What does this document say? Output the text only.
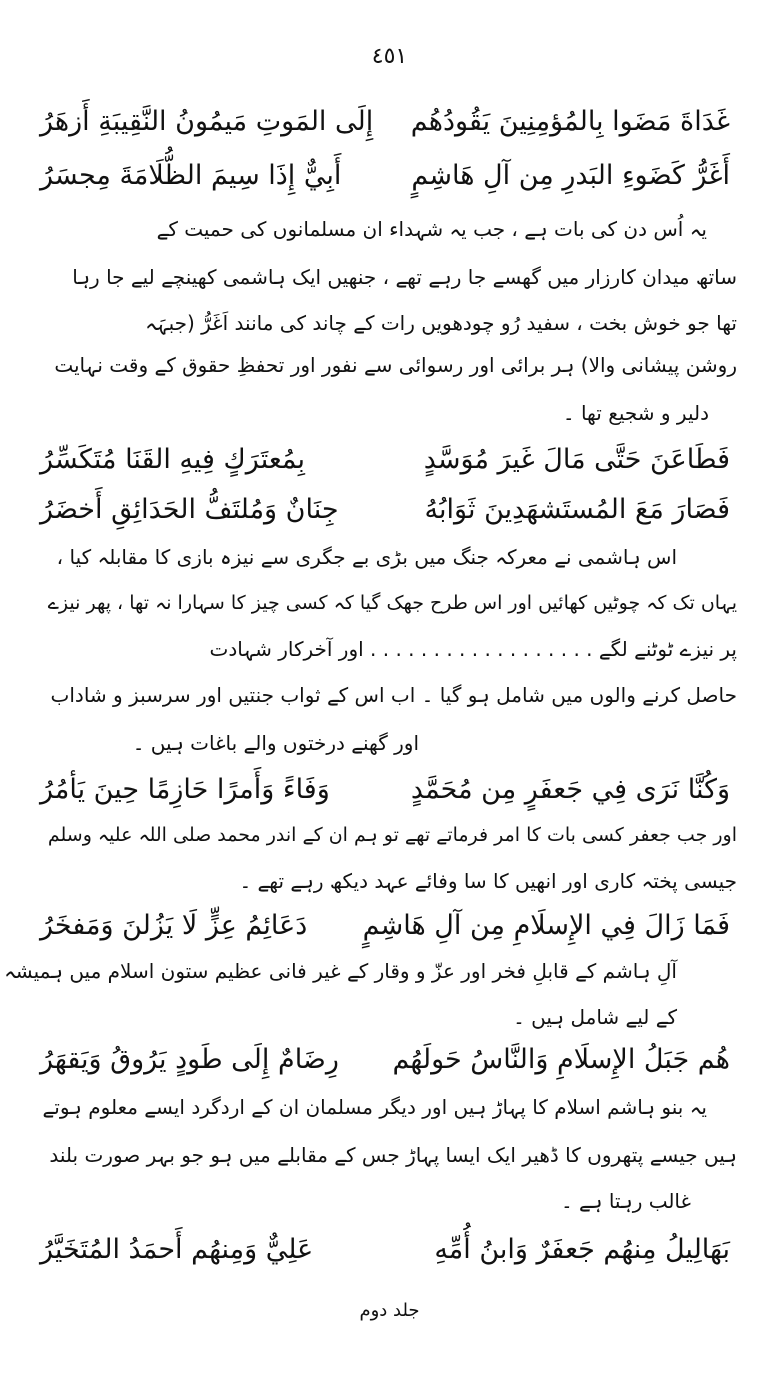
٤٥١
غَدَاةَ مَضَوا بِالمُؤمِنِينَ يَقُودُهُم
إِلَى المَوتِ مَيمُونُ النَّقِيبَةِ أَزهَرُ
أَغَرُّ كَضَوءِ البَدرِ مِن آلِ هَاشِمٍ
أَبِيٌّ إِذَا سِيمَ الظُّلَامَةَ مِجسَرُ
یہ اُس دن کی بات ہے ، جب یہ شہداء ان مسلمانوں کی حمیت کے
ساتھ میدان کارزار میں گھسے جا رہے تھے ، جنھیں ایک ہاشمی کھینچے لیے جا رہا
تھا جو خوش بخت ، سفید رُو چودھویں رات کے چاند کی مانند اَغَرُّ (جبہَہ
روشن پیشانی والا) ہر برائی اور رسوائی سے نفور اور تحفظِ حقوق کے وقت نہایت
دلیر و شجیع تھا ۔
فَطَاعَنَ حَتَّى مَالَ غَيرَ مُوَسَّدٍ
بِمُعتَرَكٍ فِيهِ القَنَا مُتَكَسِّرُ
فَصَارَ مَعَ المُستَشهَدِينَ ثَوَابُهُ
جِنَانٌ وَمُلتَفُّ الحَدَائِقِ أَخضَرُ
اس ہاشمی نے معرکہ جنگ میں بڑی بے جگری سے نیزہ بازی کا مقابلہ کیا ،
یہاں تک کہ چوٹیں کھائیں اور اس طرح جھک گیا کہ کسی چیز کا سہارا نہ تھا ، پھر نیزے
پر نیزے ٹوٹنے لگے . . . . . . . . . . . . . . . . . . اور آخرکار شہادت
حاصل کرنے والوں میں شامل ہو گیا ۔ اب اس کے ثواب جنتیں اور سرسبز و شاداب
اور گھنے درختوں والے باغات ہیں ۔
وَكُنَّا نَرَى فِي جَعفَرٍ مِن مُحَمَّدٍ
وَفَاءً وَأَمرًا حَازِمًا حِينَ يَأمُرُ
اور جب جعفر کسی بات کا امر فرماتے تھے تو ہم ان کے اندر محمد صلی اللہ علیہ وسلم
جیسی پختہ کاری اور انھیں کا سا وفائے عہد دیکھ رہے تھے ۔
فَمَا زَالَ فِي الإِسلَامِ مِن آلِ هَاشِمٍ
دَعَائِمُ عِزٍّ لَا يَزُلنَ وَمَفخَرُ
آلِ ہاشم کے قابلِ فخر اور عزّ و وقار کے غیر فانی عظیم ستون اسلام میں ہمیشہ
کے لیے شامل ہیں ۔
هُم جَبَلُ الإِسلَامِ وَالنَّاسُ حَولَهُم
رِضَامٌ إِلَى طَودٍ يَرُوقُ وَيَقهَرُ
یہ بنو ہاشم اسلام کا پہاڑ ہیں اور دیگر مسلمان ان کے اردگرد ایسے معلوم ہوتے
ہیں جیسے پتھروں کا ڈھیر ایک ایسا پہاڑ جس کے مقابلے میں ہو جو بہر صورت بلند
غالب رہتا ہے ۔
بَهَالِيلُ مِنهُم جَعفَرٌ وَابنُ أُمِّهِ
عَلِيٌّ وَمِنهُم أَحمَدُ المُتَخَيَّرُ
جلد دوم
